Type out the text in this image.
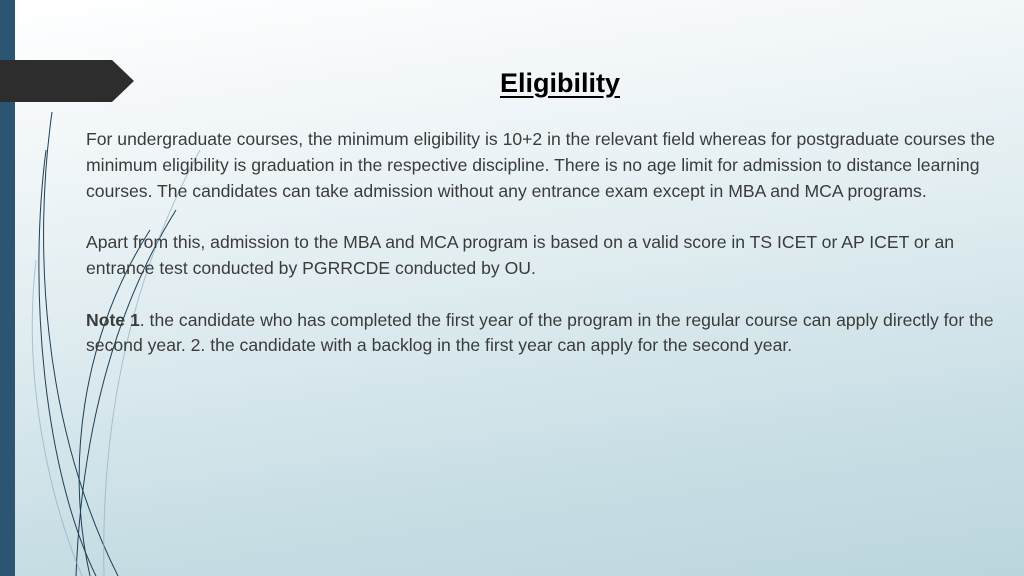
Eligibility

For undergraduate courses, the minimum eligibility is 10+2 in the relevant field whereas for postgraduate courses the minimum eligibility is graduation in the respective discipline. There is no age limit for admission to distance learning courses. The candidates can take admission without any entrance exam except in MBA and MCA programs.

Apart from this, admission to the MBA and MCA program is based on a valid score in TS ICET or AP ICET or an entrance test conducted by PGRRCDE conducted by OU.

Note 1. the candidate who has completed the first year of the program in the regular course can apply directly for the second year. 2. the candidate with a backlog in the first year can apply for the second year.
